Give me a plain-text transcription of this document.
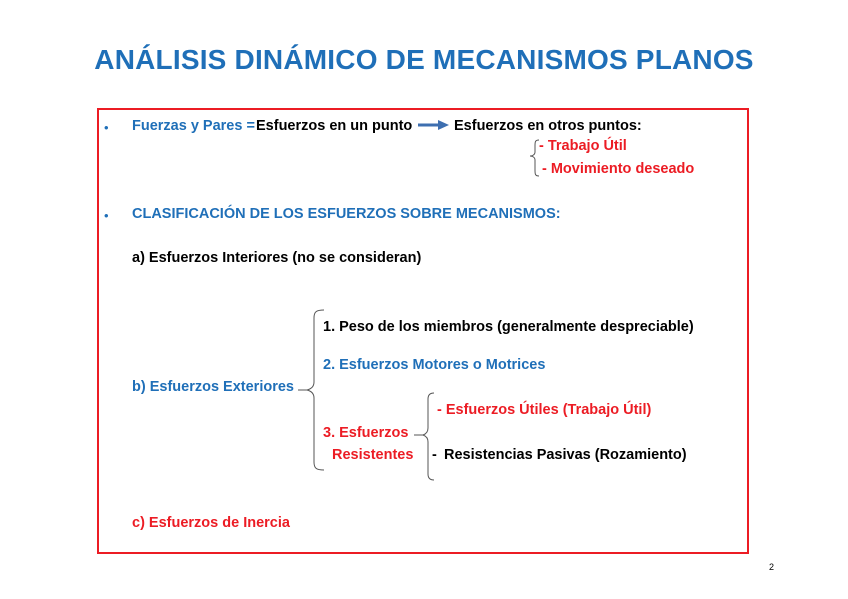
ANÁLISIS DINÁMICO DE MECANISMOS PLANOS
• Fuerzas y Pares = Esfuerzos en un punto	Esfuerzos en otros puntos:
- Trabajo Útil
- Movimiento deseado
• CLASIFICACIÓN DE LOS ESFUERZOS SOBRE MECANISMOS:
a) Esfuerzos Interiores (no se consideran)
1. Peso de los miembros (generalmente despreciable)
2. Esfuerzos Motores o Motrices
b) Esfuerzos Exteriores
- Esfuerzos Útiles (Trabajo Útil)
3. Esfuerzos
Resistentes - Resistencias Pasivas (Rozamiento)
c) Esfuerzos de Inercia
2
